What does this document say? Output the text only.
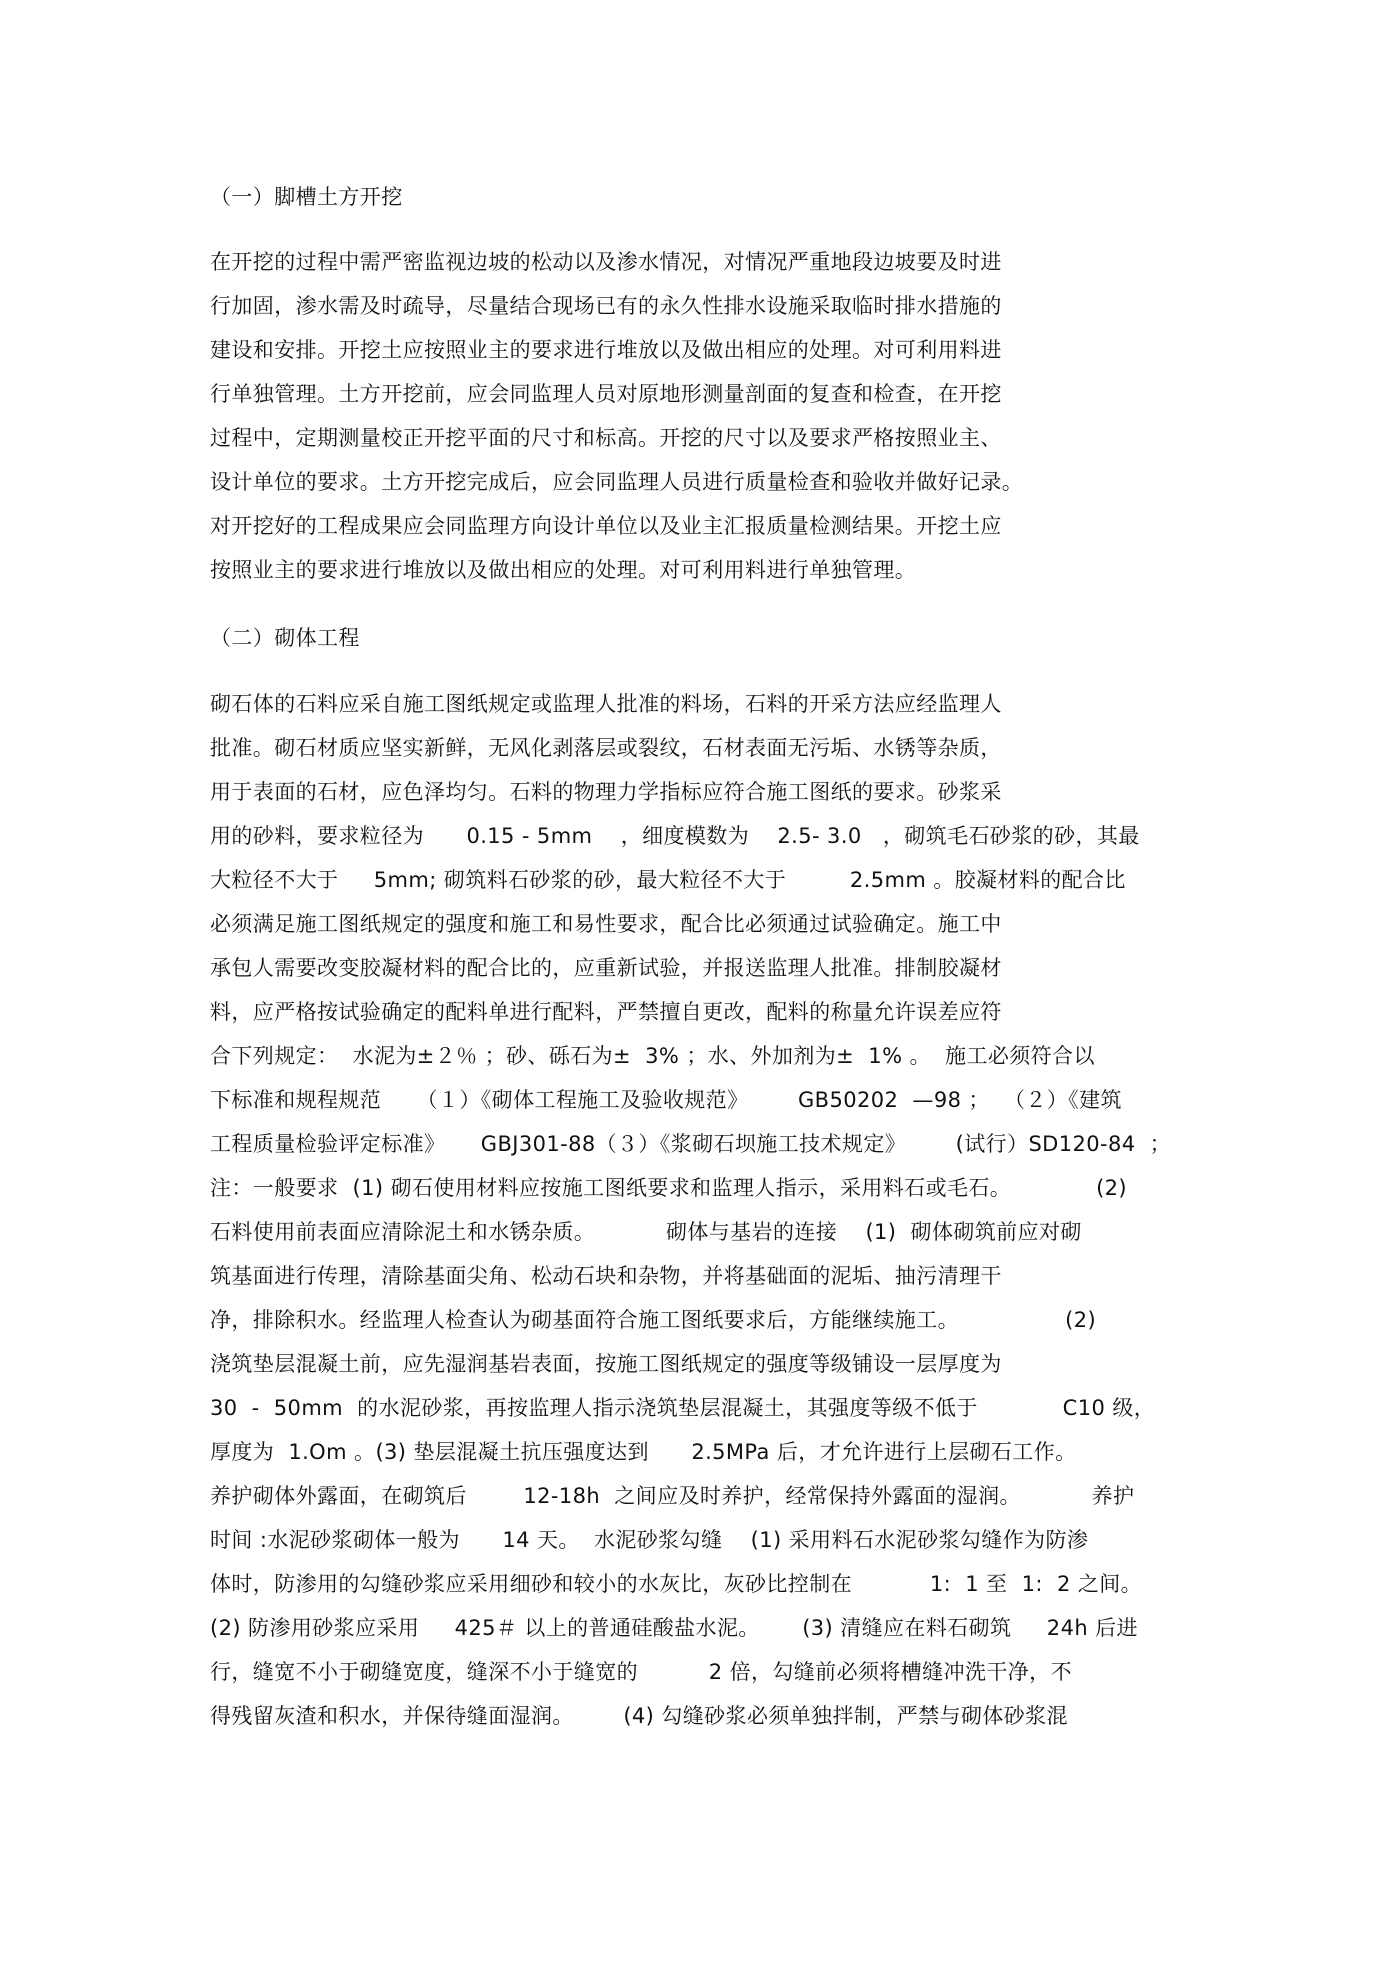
（一）脚槽土方开挖

在开挖的过程中需严密监视边坡的松动以及渗水情况，对情况严重地段边坡要及时进

行加固，渗水需及时疏导，尽量结合现场已有的永久性排水设施采取临时排水措施的

建设和安排。开挖土应按照业主的要求进行堆放以及做出相应的处理。对可利用料进

行单独管理。土方开挖前，应会同监理人员对原地形测量剖面的复查和检查，在开挖

过程中，定期测量校正开挖平面的尺寸和标高。开挖的尺寸以及要求严格按照业主、

设计单位的要求。土方开挖完成后，应会同监理人员进行质量检查和验收并做好记录。

对开挖好的工程成果应会同监理方向设计单位以及业主汇报质量检测结果。开挖土应

按照业主的要求进行堆放以及做出相应的处理。对可利用料进行单独管理。

（二）砌体工程

砌石体的石料应采自施工图纸规定或监理人批准的料场，石料的开采方法应经监理人

批准。砌石材质应坚实新鲜，无风化剥落层或裂纹，石材表面无污垢、水锈等杂质，

用于表面的石材，应色泽均匀。石料的物理力学指标应符合施工图纸的要求。砂浆采

用的砂料，要求粒径为      0.15 - 5mm    ，细度模数为    2.5- 3.0   ，砌筑毛石砂浆的砂，其最

大粒径不大于     5mm; 砌筑料石砂浆的砂，最大粒径不大于         2.5mm 。胶凝材料的配合比

必须满足施工图纸规定的强度和施工和易性要求，配合比必须通过试验确定。施工中

承包人需要改变胶凝材料的配合比的，应重新试验，并报送监理人批准。排制胶凝材

料，应严格按试验确定的配料单进行配料，严禁擅自更改，配料的称量允许误差应符

合下列规定：  水泥为±２％ ；砂、砾石为±  3% ；水、外加剂为±  1% 。  施工必须符合以

下标准和规程规范     （１）《砌体工程施工及验收规范》       GB50202  —98 ；  （２）《建筑

工程质量检验评定标准》     GBJ301-88（３）《浆砌石坝施工技术规定》       (试行）SD120-84  ；

注：一般要求  (1) 砌石使用材料应按施工图纸要求和监理人指示，采用料石或毛石。            (2)

石料使用前表面应清除泥土和水锈杂质。          砌体与基岩的连接    (1)  砌体砌筑前应对砌

筑基面进行传理，清除基面尖角、松动石块和杂物，并将基础面的泥垢、抽污清理干

净，排除积水。经监理人检查认为砌基面符合施工图纸要求后，方能继续施工。               (2)

浇筑垫层混凝土前，应先湿润基岩表面，按施工图纸规定的强度等级铺设一层厚度为

30  -  50mm  的水泥砂浆，再按监理人指示浇筑垫层混凝土，其强度等级不低于            C10 级，

厚度为  1.Om 。(3) 垫层混凝土抗压强度达到      2.5MPa 后，才允许进行上层砌石工作。

养护砌体外露面，在砌筑后        12-18h  之间应及时养护，经常保持外露面的湿润。          养护

时间 :水泥砂浆砌体一般为      14 天。  水泥砂浆勾缝    (1) 采用料石水泥砂浆勾缝作为防渗

体时，防渗用的勾缝砂浆应采用细砂和较小的水灰比，灰砂比控制在           1:  1 至  1:  2 之间。

(2) 防渗用砂浆应采用     425＃ 以上的普通硅酸盐水泥。      (3) 清缝应在料石砌筑     24h 后进

行，缝宽不小于砌缝宽度，缝深不小于缝宽的          2 倍，勾缝前必须将槽缝冲洗干净，不

得残留灰渣和积水，并保待缝面湿润。       (4) 勾缝砂浆必须单独拌制，严禁与砌体砂浆混
